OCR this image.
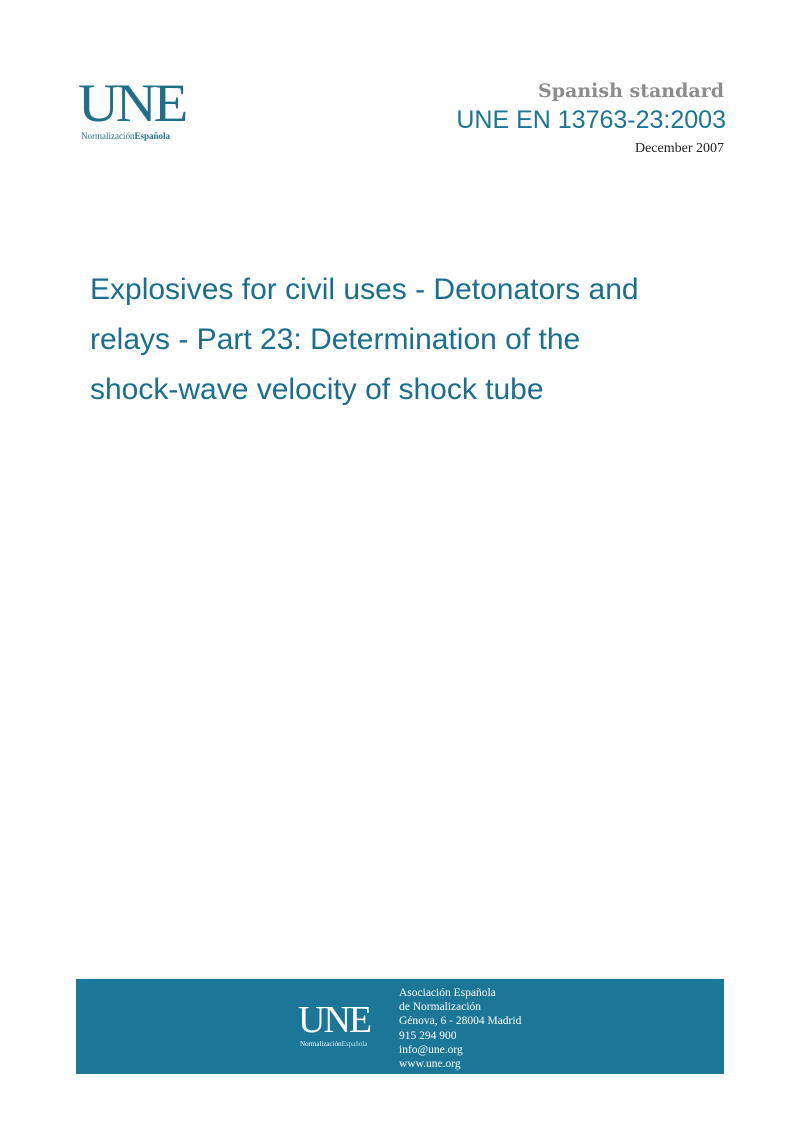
UNE
NormalizaciónEspañola
Spanish standard
UNE EN 13763-23:2003
December 2007
Explosives for civil uses - Detonators and
relays - Part 23: Determination of the
shock-wave velocity of shock tube
UNE
NormalizaciónEspañola
Asociación Española
de Normalización
Génova, 6 - 28004 Madrid
915 294 900
info@une.org
www.une.org
